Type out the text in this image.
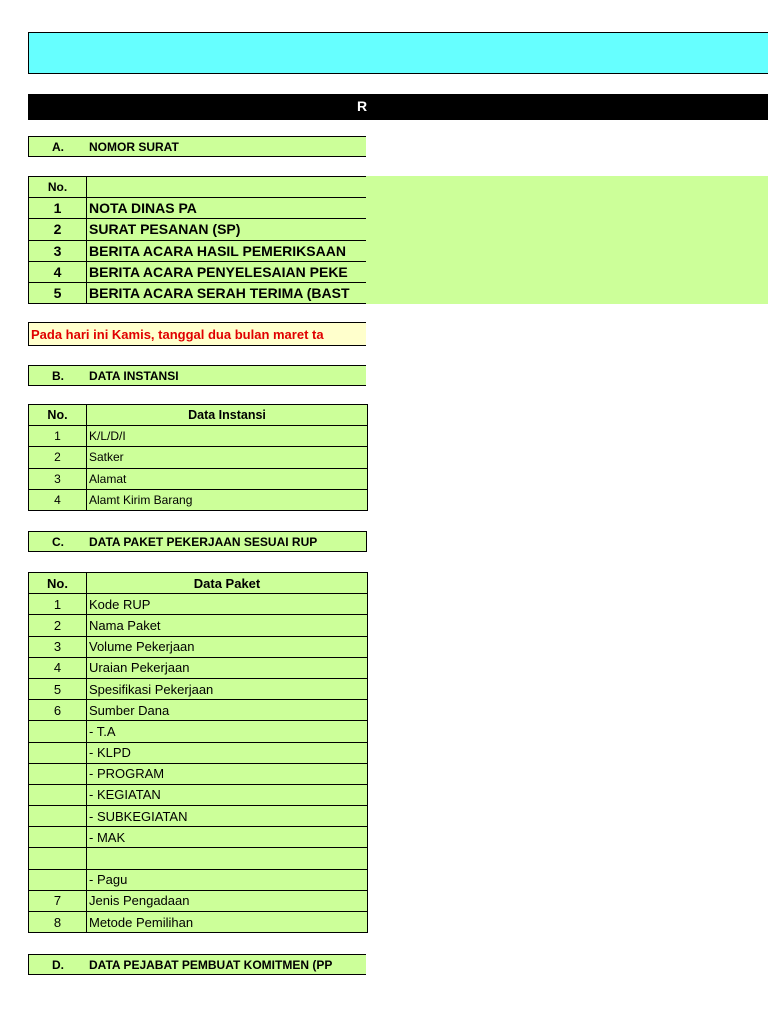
R
A.	NOMOR SURAT
No.	
1	NOTA DINAS PA
2	SURAT PESANAN (SP)
3	BERITA ACARA HASIL PEMERIKSAAN
4	BERITA ACARA PENYELESAIAN PEKE
5	BERITA ACARA SERAH TERIMA (BAST
Pada hari ini Kamis, tanggal dua bulan maret ta
B.	DATA INSTANSI
No.	Data Instansi
1	K/L/D/I
2	Satker
3	Alamat
4	Alamt Kirim Barang
C.	DATA PAKET PEKERJAAN SESUAI RUP
No.	Data Paket
1	Kode RUP
2	Nama Paket
3	Volume Pekerjaan
4	Uraian Pekerjaan
5	Spesifikasi Pekerjaan
6	Sumber Dana
	- T.A
	- KLPD
	- PROGRAM
	- KEGIATAN
	- SUBKEGIATAN
	- MAK

	- Pagu
7	Jenis Pengadaan
8	Metode Pemilihan
D.	DATA PEJABAT PEMBUAT KOMITMEN (PP
